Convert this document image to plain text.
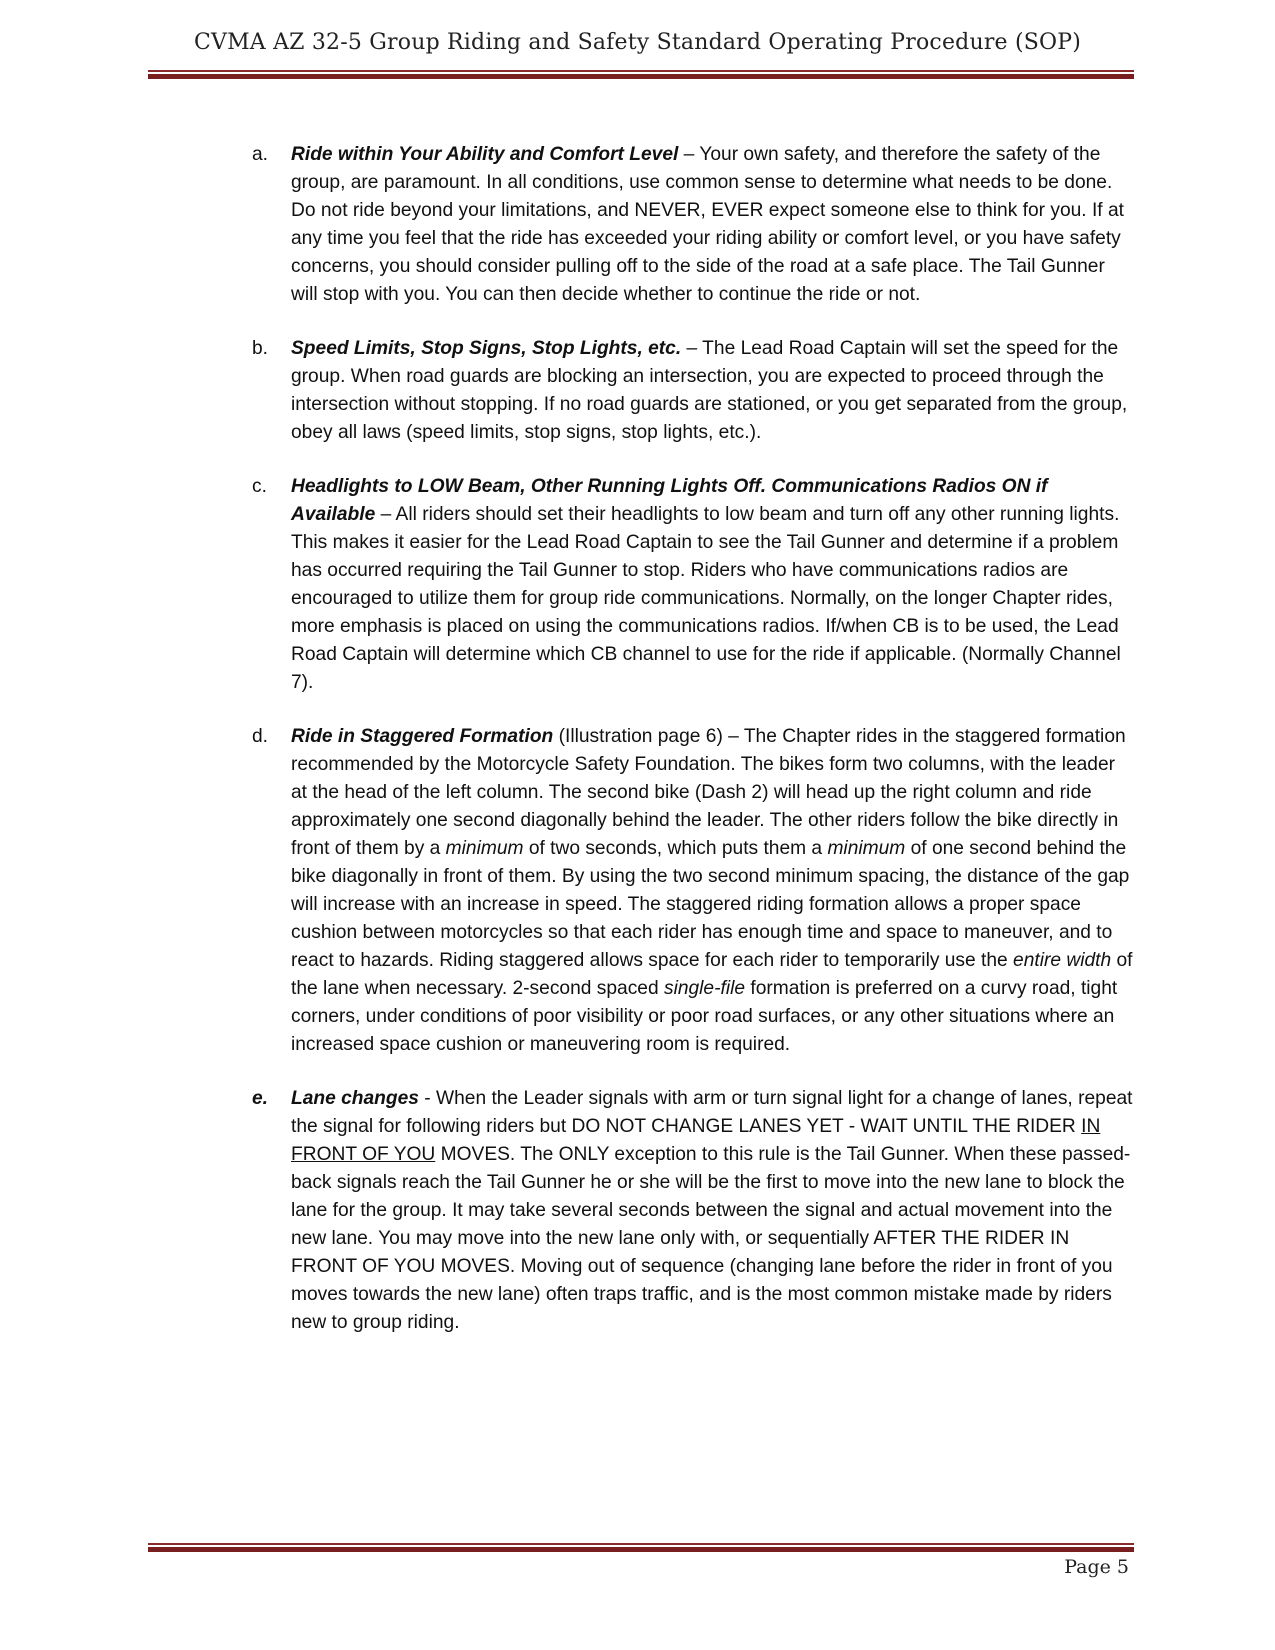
CVMA AZ 32-5 Group Riding and Safety Standard Operating Procedure (SOP)
a.	Ride within Your Ability and Comfort Level – Your own safety, and therefore the safety of the group, are paramount. In all conditions, use common sense to determine what needs to be done. Do not ride beyond your limitations, and NEVER, EVER expect someone else to think for you. If at any time you feel that the ride has exceeded your riding ability or comfort level, or you have safety concerns, you should consider pulling off to the side of the road at a safe place. The Tail Gunner will stop with you. You can then decide whether to continue the ride or not.
b.	Speed Limits, Stop Signs, Stop Lights, etc. – The Lead Road Captain will set the speed for the group. When road guards are blocking an intersection, you are expected to proceed through the intersection without stopping. If no road guards are stationed, or you get separated from the group, obey all laws (speed limits, stop signs, stop lights, etc.).
c.	Headlights to LOW Beam, Other Running Lights Off. Communications Radios ON if Available – All riders should set their headlights to low beam and turn off any other running lights. This makes it easier for the Lead Road Captain to see the Tail Gunner and determine if a problem has occurred requiring the Tail Gunner to stop. Riders who have communications radios are encouraged to utilize them for group ride communications. Normally, on the longer Chapter rides, more emphasis is placed on using the communications radios. If/when CB is to be used, the Lead Road Captain will determine which CB channel to use for the ride if applicable. (Normally Channel 7).
d.	Ride in Staggered Formation (Illustration page 6) – The Chapter rides in the staggered formation recommended by the Motorcycle Safety Foundation. The bikes form two columns, with the leader at the head of the left column. The second bike (Dash 2) will head up the right column and ride approximately one second diagonally behind the leader. The other riders follow the bike directly in front of them by a minimum of two seconds, which puts them a minimum of one second behind the bike diagonally in front of them. By using the two second minimum spacing, the distance of the gap will increase with an increase in speed. The staggered riding formation allows a proper space cushion between motorcycles so that each rider has enough time and space to maneuver, and to react to hazards. Riding staggered allows space for each rider to temporarily use the entire width of the lane when necessary. 2-second spaced single-file formation is preferred on a curvy road, tight corners, under conditions of poor visibility or poor road surfaces, or any other situations where an increased space cushion or maneuvering room is required.
e.	Lane changes - When the Leader signals with arm or turn signal light for a change of lanes, repeat the signal for following riders but DO NOT CHANGE LANES YET - WAIT UNTIL THE RIDER IN FRONT OF YOU MOVES. The ONLY exception to this rule is the Tail Gunner. When these passed-back signals reach the Tail Gunner he or she will be the first to move into the new lane to block the lane for the group. It may take several seconds between the signal and actual movement into the new lane. You may move into the new lane only with, or sequentially AFTER THE RIDER IN FRONT OF YOU MOVES. Moving out of sequence (changing lane before the rider in front of you moves towards the new lane) often traps traffic, and is the most common mistake made by riders new to group riding.
Page 5
